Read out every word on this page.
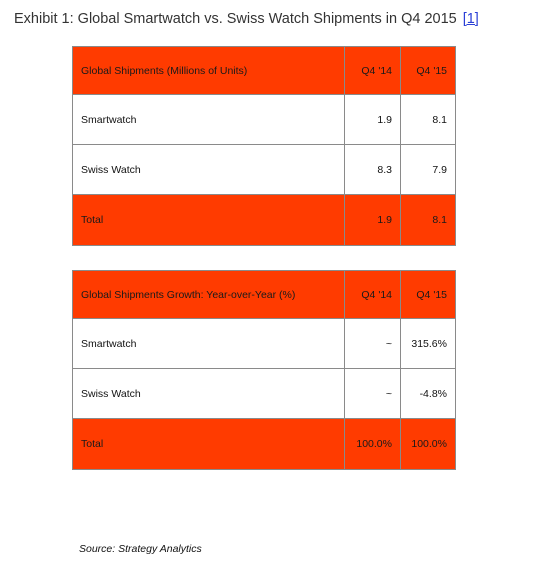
Exhibit 1: Global Smartwatch vs. Swiss Watch Shipments in Q4 2015 [1]
Global Shipments (Millions of Units)	Q4 '14	Q4 '15
Smartwatch	1.9	8.1
Swiss Watch	8.3	7.9
Total	1.9	8.1
Global Shipments Growth: Year-over-Year (%)	Q4 '14	Q4 '15
Smartwatch	~	315.6%
Swiss Watch	~	-4.8%
Total	100.0%	100.0%
Source: Strategy Analytics
